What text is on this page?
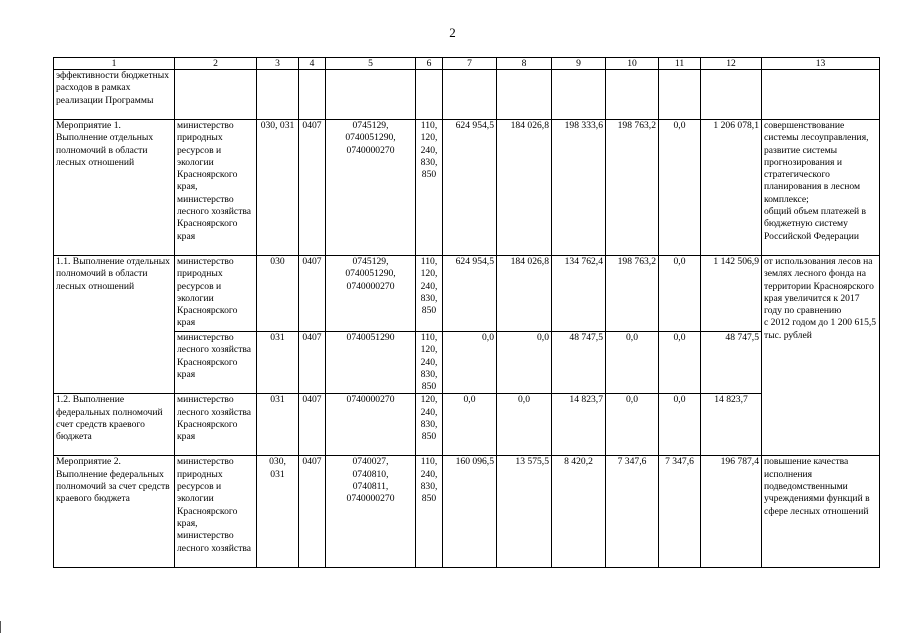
2
1	2	3	4	5	6	7	8	9	10	11	12	13
эффективности бюджетных расходов в рамках реализации Программы												
Мероприятие 1. Выполнение отдельных полномочий в области лесных отношений	министерство природных ресурсов и экологии Красноярского края, министерство лесного хозяйства Красноярского края	030, 031	0407	0745129,
0740051290,
0740000270	110,
120,
240,
830,
850	624 954,5	184 026,8	198 333,6	198 763,2	0,0	1 206 078,1	совершенствование системы лесоуправления, развитие системы прогнозирования и стратегического планирования в лесном комплексе;
общий объем платежей в бюджетную систему Российской Федерации
1.1. Выполнение отдельных полномочий в области лесных отношений	министерство природных ресурсов и экологии Красноярского края	030	0407	0745129,
0740051290,
0740000270	110,
120,
240,
830,
850	624 954,5	184 026,8	134 762,4	198 763,2	0,0	1 142 506,9	от использования лесов на землях лесного фонда на территории Красноярского края увеличится к 2017 году по сравнению
с 2012 годом до 1 200 615,5 тыс. рублей
	министерство лесного хозяйства Красноярского края	031	0407	0740051290	110,
120,
240,
830,
850	0,0	0,0	48 747,5	0,0	0,0	48 747,5	
1.2. Выполнение федеральных полномочий счет средств краевого бюджета	министерство лесного хозяйства Красноярского края	031	0407	0740000270	120,
240,
830,
850	0,0	0,0	14 823,7	0,0	0,0	14 823,7	
Мероприятие 2. Выполнение федеральных полномочий за счет средств краевого бюджета	министерство природных ресурсов и экологии Красноярского края, министерство лесного хозяйства	030,
031	0407	0740027,
0740810,
0740811,
0740000270	110,
240,
830,
850	160 096,5	13 575,5	8 420,2	7 347,6	7 347,6	196 787,4	повышение качества исполнения подведомственными учреждениями функций в сфере лесных отношений
